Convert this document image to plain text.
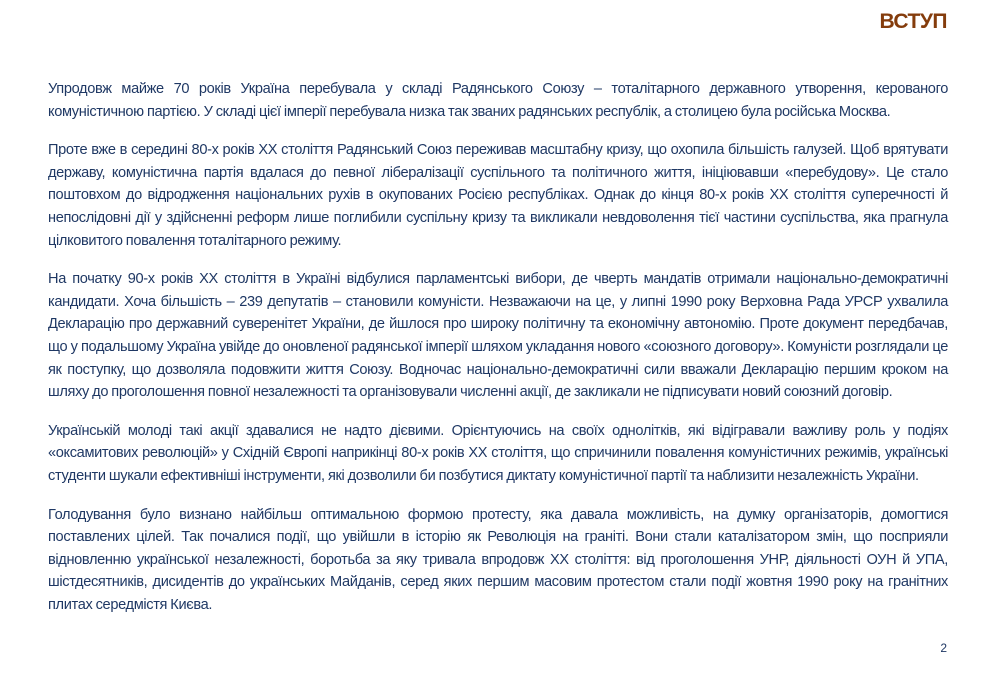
ВСТУП

Упродовж майже 70 років Україна перебувала у складі Радянського Союзу – тоталітарного державного утворення, керованого комуністичною партією. У складі цієї імперії перебувала низка так званих радянських республік, а столицею була російська Москва.

Проте вже в середині 80-х років ХХ століття Радянський Союз переживав масштабну кризу, що охопила більшість галузей. Щоб врятувати державу, комуністична партія вдалася до певної лібералізації суспільного та політичного життя, ініціювавши «перебудову». Це стало поштовхом до відродження національних рухів в окупованих Росією республіках. Однак до кінця 80-х років ХХ століття суперечності й непослідовні дії у здійсненні реформ лише поглибили суспільну кризу та викликали невдоволення тієї частини суспільства, яка прагнула цілковитого повалення тоталітарного режиму.

На початку 90-х років ХХ століття в Україні відбулися парламентські вибори, де чверть мандатів отримали національно-демократичні кандидати. Хоча більшість – 239 депутатів – становили комуністи. Незважаючи на це, у липні 1990 року Верховна Рада УРСР ухвалила Декларацію про державний суверенітет України, де йшлося про широку політичну та економічну автономію. Проте документ передбачав, що у подальшому Україна увійде до оновленої радянської імперії шляхом укладання нового «союзного договору». Комуністи розглядали це як поступку, що дозволяла подовжити життя Союзу. Водночас національно-демократичні сили вважали Декларацію першим кроком на шляху до проголошення повної незалежності та організовували численні акції, де закликали не підписувати новий союзний договір.

Українській молоді такі акції здавалися не надто дієвими. Орієнтуючись на своїх однолітків, які відігравали важливу роль у подіях «оксамитових революцій» у Східній Європі наприкінці 80-х років ХХ століття, що спричинили повалення комуністичних режимів, українські студенти шукали ефективніші інструменти, які дозволили би позбутися диктату комуністичної партії та наблизити незалежність України.

Голодування було визнано найбільш оптимальною формою протесту, яка давала можливість, на думку організаторів, домогтися поставлених цілей. Так почалися події, що увійшли в історію як Революція на граніті. Вони стали каталізатором змін, що посприяли відновленню української незалежності, боротьба за яку тривала впродовж ХХ століття: від проголошення УНР, діяльності ОУН й УПА, шістдесятників, дисидентів до українських Майданів, серед яких першим масовим протестом стали події жовтня 1990 року на гранітних плитах середмістя Києва.

2
